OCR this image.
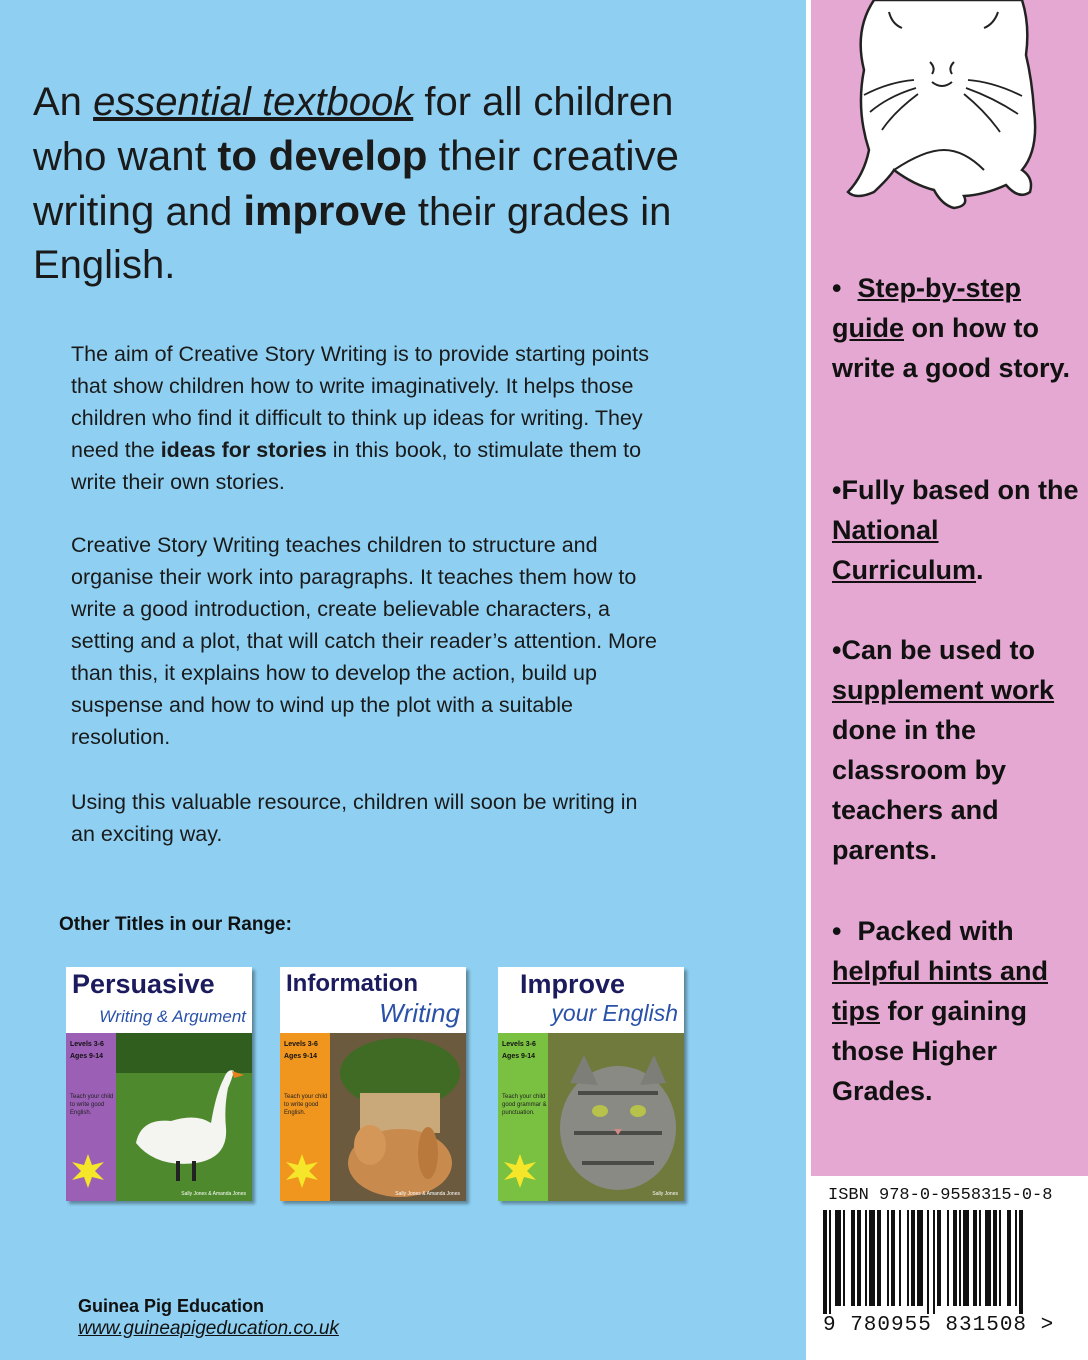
An essential textbook for all children who want to develop their creative writing and improve their grades in English.

The aim of Creative Story Writing is to provide starting points that show children how to write imaginatively. It helps those children who find it difficult to think up ideas for writing. They need the ideas for stories in this book, to stimulate them to write their own stories.

Creative Story Writing teaches children to structure and organise their work into paragraphs. It teaches them how to write a good introduction, create believable characters, a setting and a plot, that will catch their reader’s attention. More than this, it explains how to develop the action, build up suspense and how to wind up the plot with a suitable resolution.

Using this valuable resource, children will soon be writing in an exciting way.

Other Titles in our Range:
Persuasive
Writing & Argument
Levels 3-6
Ages 9-14
Teach your child to write good English.
Sally Jones & Amanda Jones
Information
Writing
Levels 3-6
Ages 9-14
Teach your child to write good English.
Sally Jones & Amanda Jones
Improve
your English
Levels 3-6
Ages 9-14
Teach your child good grammar & punctuation.
Sally Jones
Guinea Pig Education
www.guineapigeducation.co.uk
• Step-by-step guide on how to write a good story.
•Fully based on the National Curriculum.
•Can be used to supplement work done in the classroom by teachers and parents.
• Packed with helpful hints and tips for gaining those Higher Grades.
ISBN 978-0-9558315-0-8
9 780955 831508 >
